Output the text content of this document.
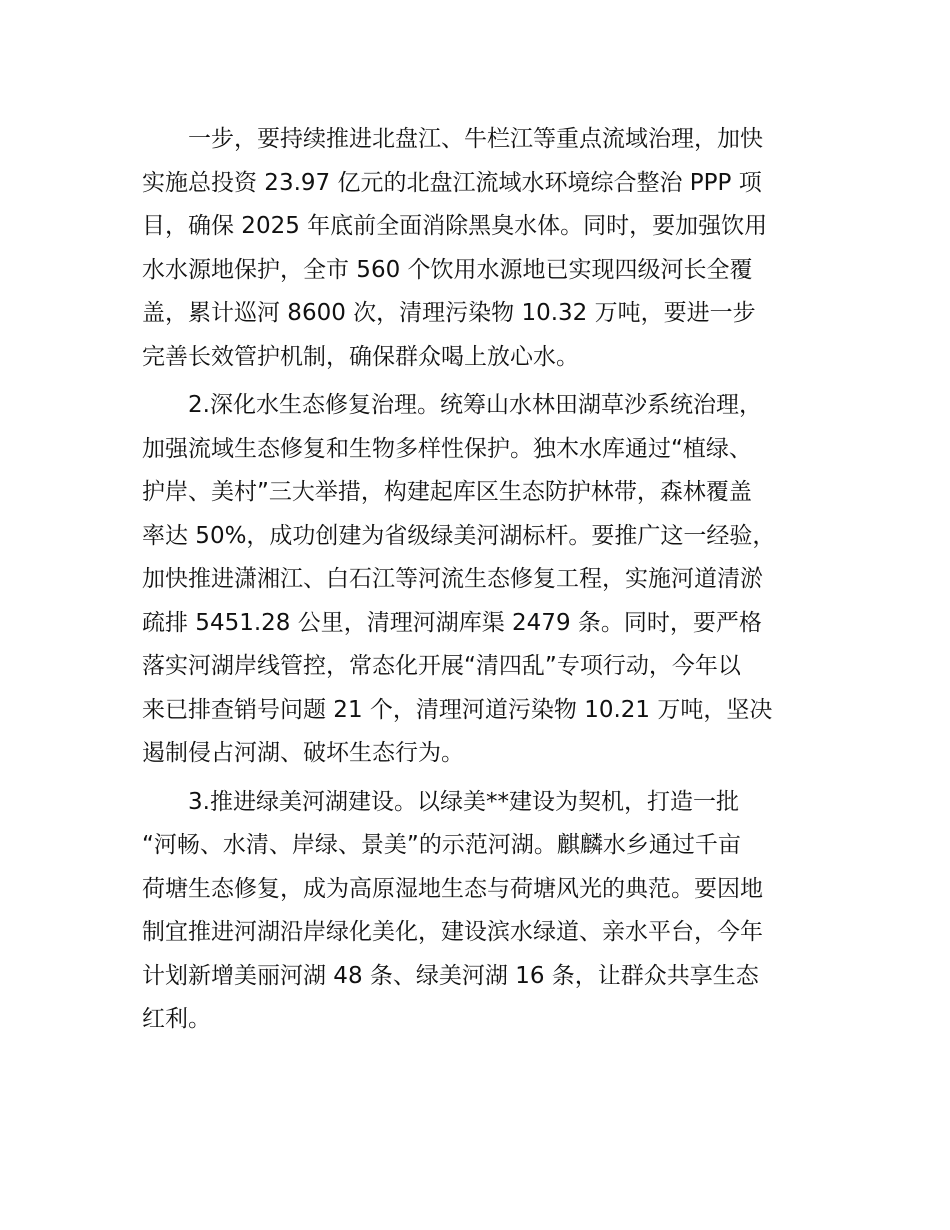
一步，要持续推进北盘江、牛栏江等重点流域治理，加快
实施总投资 23.97 亿元的北盘江流域水环境综合整治 PPP 项
目，确保 2025 年底前全面消除黑臭水体。同时，要加强饮用
水水源地保护，全市 560 个饮用水源地已实现四级河长全覆
盖，累计巡河 8600 次，清理污染物 10.32 万吨，要进一步
完善长效管护机制，确保群众喝上放心水。
2.深化水生态修复治理。统筹山水林田湖草沙系统治理，
加强流域生态修复和生物多样性保护。独木水库通过“植绿、
护岸、美村”三大举措，构建起库区生态防护林带，森林覆盖
率达 50%，成功创建为省级绿美河湖标杆。要推广这一经验，
加快推进潇湘江、白石江等河流生态修复工程，实施河道清淤
疏排 5451.28 公里，清理河湖库渠 2479 条。同时，要严格
落实河湖岸线管控，常态化开展“清四乱”专项行动，今年以
来已排查销号问题 21 个，清理河道污染物 10.21 万吨，坚决
遏制侵占河湖、破坏生态行为。
3.推进绿美河湖建设。以绿美**建设为契机，打造一批
“河畅、水清、岸绿、景美”的示范河湖。麒麟水乡通过千亩
荷塘生态修复，成为高原湿地生态与荷塘风光的典范。要因地
制宜推进河湖沿岸绿化美化，建设滨水绿道、亲水平台，今年
计划新增美丽河湖 48 条、绿美河湖 16 条，让群众共享生态
红利。
